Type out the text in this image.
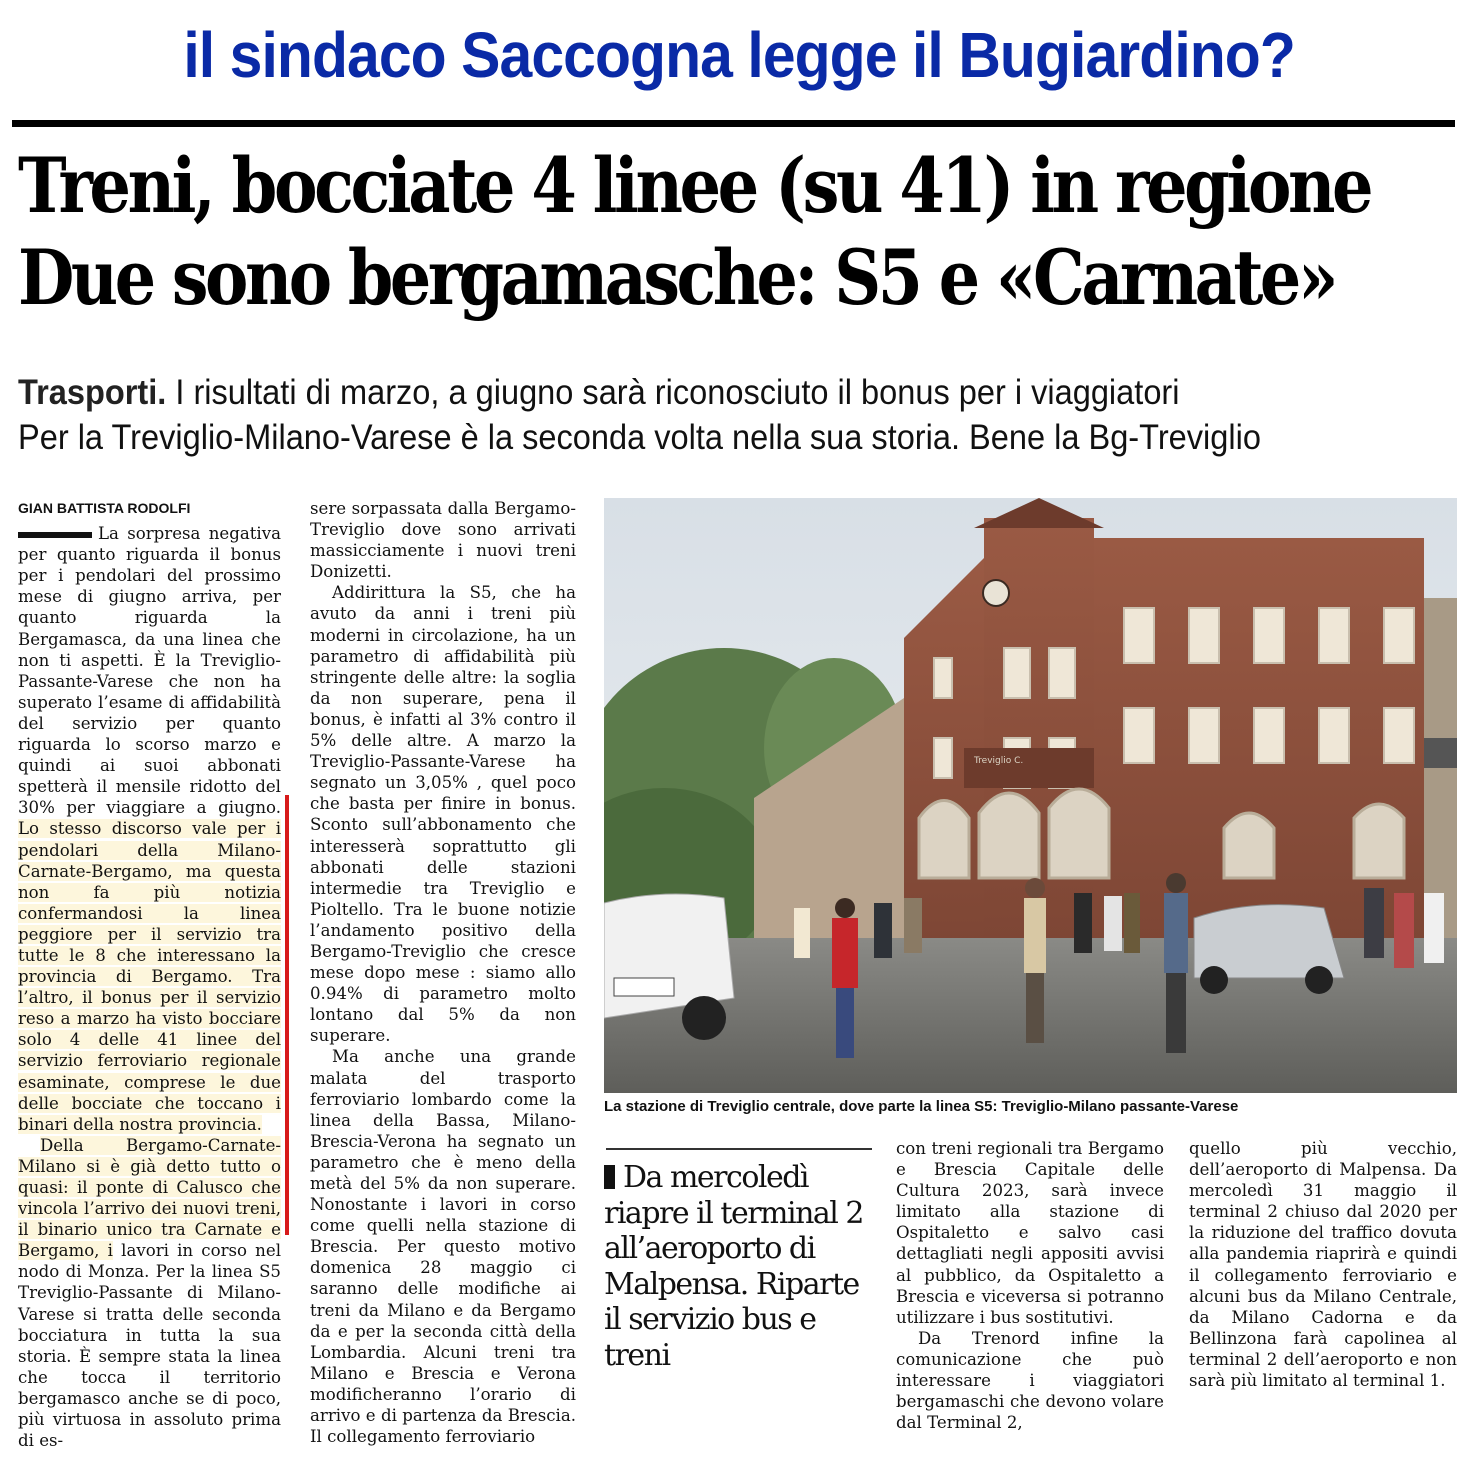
il sindaco Saccogna legge il Bugiardino?
Treni, bocciate 4 linee (su 41) in regione
Due sono bergamasche: S5 e «Carnate»
Trasporti. I risultati di marzo, a giugno sarà riconosciuto il bonus per i viaggiatori
Per la Treviglio-Milano-Varese è la seconda volta nella sua storia. Bene la Bg-Treviglio
GIAN BATTISTA RODOLFI

La sorpresa negativa per quanto riguarda il bonus per i pendolari del prossimo mese di giugno arriva, per quanto riguarda la Bergamasca, da una linea che non ti aspetti. È la Treviglio-Passante-Varese che non ha superato l’esame di affidabilità del servizio per quanto riguarda lo scorso marzo e quindi ai suoi abbonati spetterà il mensile ridotto del 30% per viaggiare a giugno. Lo stesso discorso vale per i pendolari della Milano-Carnate-Bergamo, ma questa non fa più notizia confermandosi la linea peggiore per il servizio tra tutte le 8 che interessano la provincia di Bergamo. Tra l’altro, il bonus per il servizio reso a marzo ha visto bocciare solo 4 delle 41 linee del servizio ferroviario regionale esaminate, comprese le due delle bocciate che toccano i binari della nostra provincia.

Della Bergamo-Carnate-Milano si è già detto tutto o quasi: il ponte di Calusco che vincola l’arrivo dei nuovi treni, il binario unico tra Carnate e Bergamo, i lavori in corso nel nodo di Monza. Per la linea S5 Treviglio-Passante di Milano-Varese si tratta delle seconda bocciatura in tutta la sua storia. È sempre stata la linea che tocca il territorio bergamasco anche se di poco, più virtuosa in assoluto prima di es-

sere sorpassata dalla Bergamo-Treviglio dove sono arrivati massicciamente i nuovi treni Donizetti.

Addirittura la S5, che ha avuto da anni i treni più moderni in circolazione, ha un parametro di affidabilità più stringente delle altre: la soglia da non superare, pena il bonus, è infatti al 3% contro il 5% delle altre. A marzo la Treviglio-Passante-Varese ha segnato un 3,05% , quel poco che basta per finire in bonus. Sconto sull’abbonamento che interesserà soprattutto gli abbonati delle stazioni intermedie tra Treviglio e Pioltello. Tra le buone notizie l’andamento positivo della Bergamo-Treviglio che cresce mese dopo mese : siamo allo 0.94% di parametro molto lontano dal 5% da non superare.

Ma anche una grande malata del trasporto ferroviario lombardo come la linea della Bassa, Milano-Brescia-Verona ha segnato un parametro che è meno della metà del 5% da non superare. Nonostante i lavori in corso come quelli nella stazione di Brescia. Per questo motivo domenica 28 maggio ci saranno delle modifiche ai treni da Milano e da Bergamo da e per la seconda città della Lombardia. Alcuni treni tra Milano e Brescia e Verona modificheranno l’orario di arrivo e di partenza da Brescia. Il collegamento ferroviario

Treviglio C.
La stazione di Treviglio centrale, dove parte la linea S5: Treviglio-Milano passante-Varese
Da mercoledì riapre il terminal 2 all’aeroporto di Malpensa. Riparte il servizio bus e treni

con treni regionali tra Bergamo e Brescia Capitale delle Cultura 2023, sarà invece limitato alla stazione di Ospitaletto e salvo casi dettagliati negli appositi avvisi al pubblico, da Ospitaletto a Brescia e viceversa si potranno utilizzare i bus sostitutivi.

Da Trenord infine la comunicazione che può interessare i viaggiatori bergamaschi che devono volare dal Terminal 2,

quello più vecchio, dell’aeroporto di Malpensa. Da mercoledì 31 maggio il terminal 2 chiuso dal 2020 per la riduzione del traffico dovuta alla pandemia riaprirà e quindi il collegamento ferroviario e alcuni bus da Milano Centrale, da Milano Cadorna e da Bellinzona farà capolinea al terminal 2 dell’aeroporto e non sarà più limitato al terminal 1.
